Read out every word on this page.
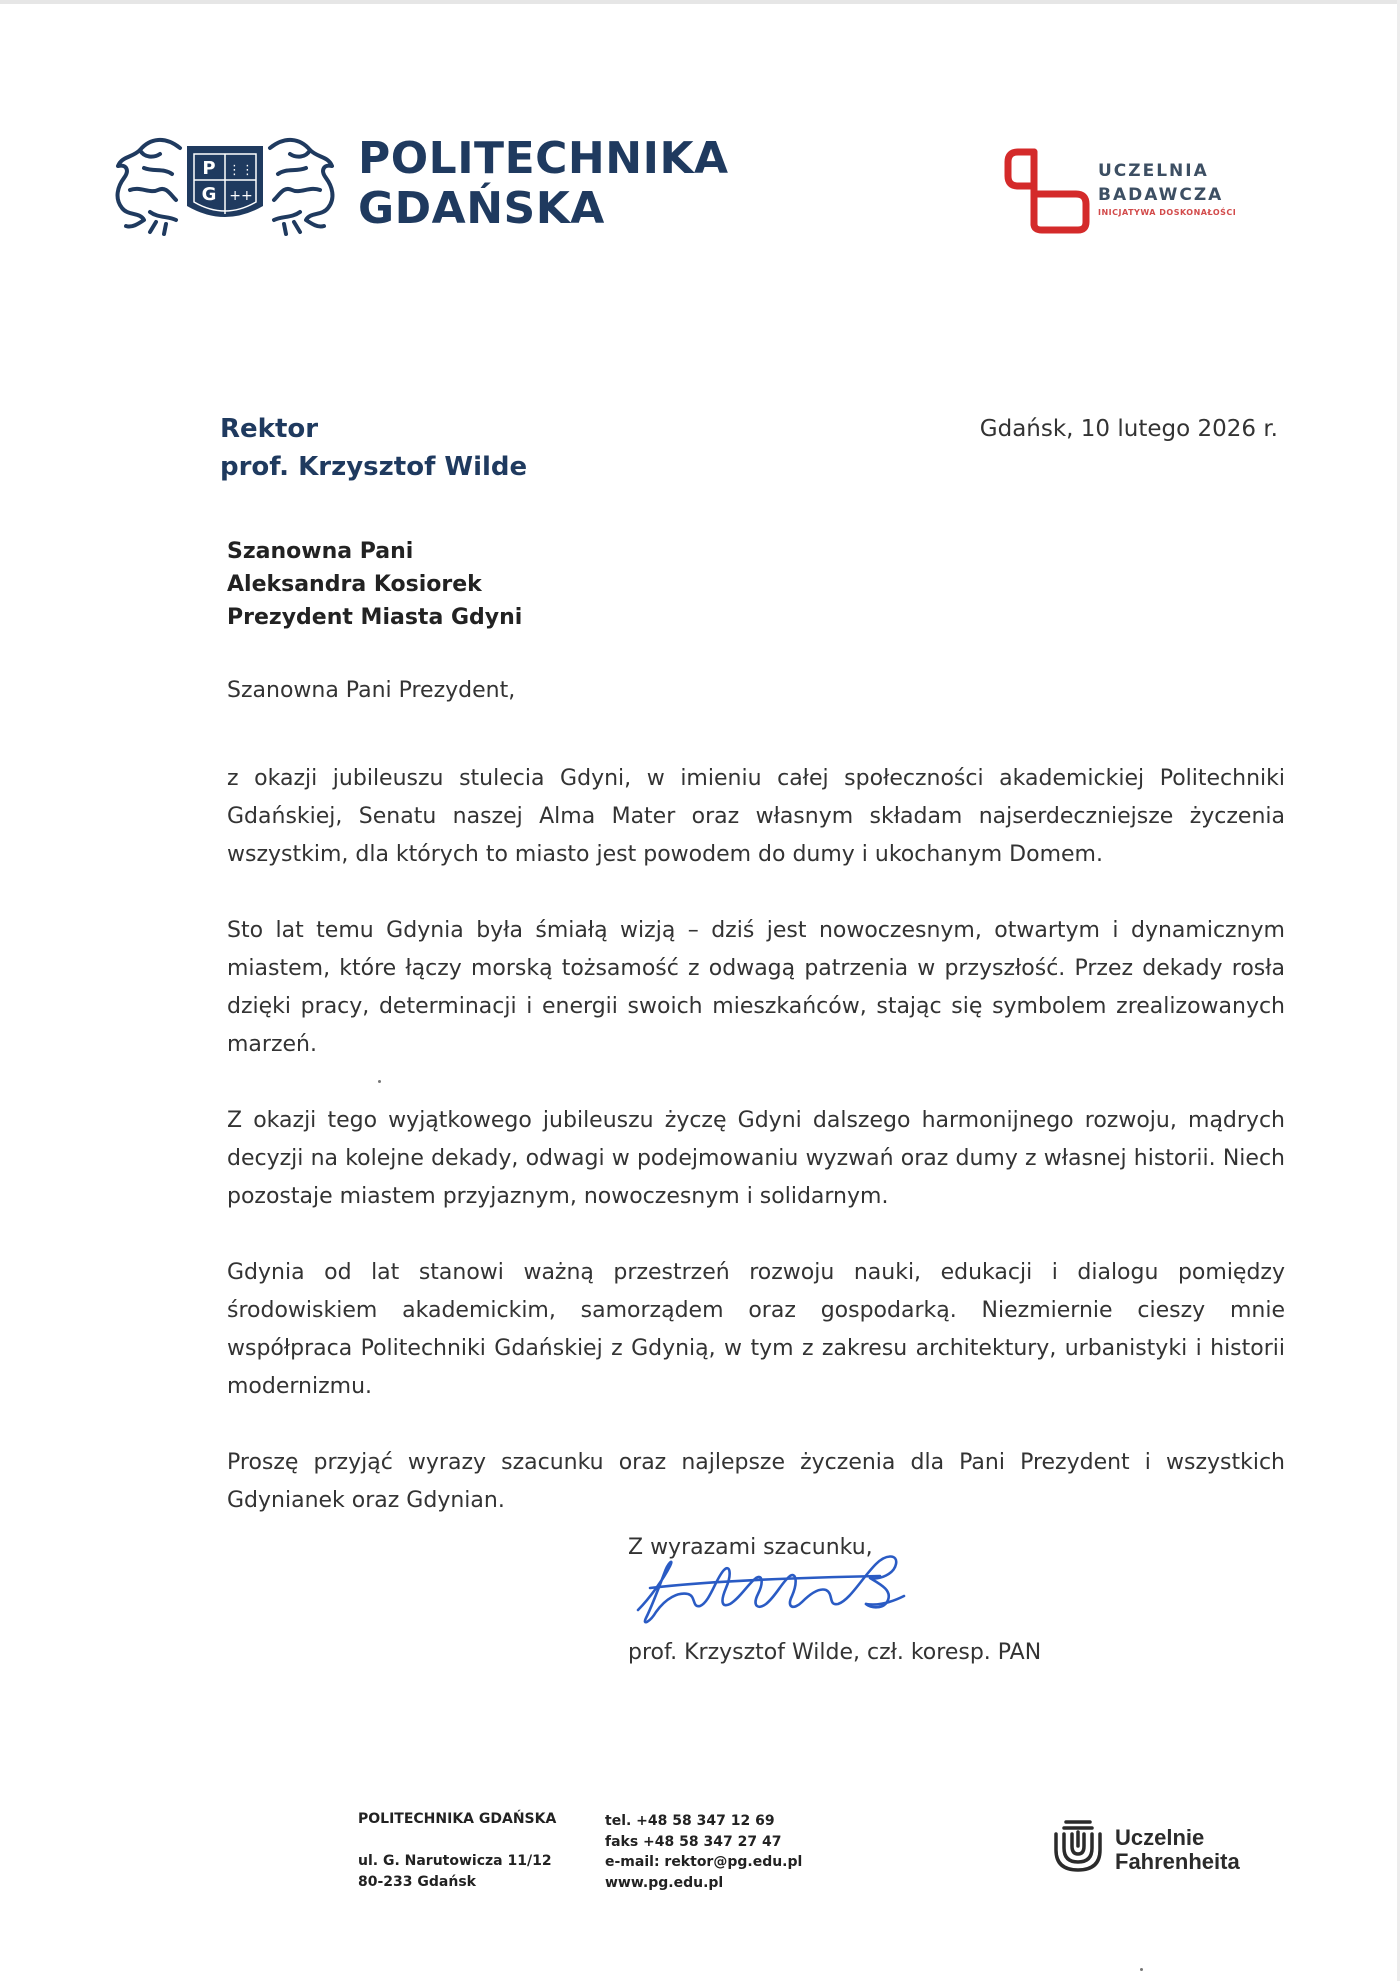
P
G
⋮⋮
++
POLITECHNIKA
GDAŃSKA
UCZELNIA
BADAWCZA
INICJATYWA DOSKONAŁOŚCI
Rektor
prof. Krzysztof Wilde
Gdańsk, 10 lutego 2026 r.
Szanowna Pani
Aleksandra Kosiorek
Prezydent Miasta Gdyni
Szanowna Pani Prezydent,

z okazji jubileuszu stulecia Gdyni, w imieniu całej społeczności akademickiej Politechniki Gdańskiej, Senatu naszej Alma Mater oraz własnym składam najserdeczniejsze życzenia wszystkim, dla których to miasto jest powodem do dumy i ukochanym Domem.

Sto lat temu Gdynia była śmiałą wizją – dziś jest nowoczesnym, otwartym i dynamicznym miastem, które łączy morską tożsamość z odwagą patrzenia w przyszłość. Przez dekady rosła dzięki pracy, determinacji i energii swoich mieszkańców, stając się symbolem zrealizowanych marzeń.

Z okazji tego wyjątkowego jubileuszu życzę Gdyni dalszego harmonijnego rozwoju, mądrych decyzji na kolejne dekady, odwagi w podejmowaniu wyzwań oraz dumy z własnej historii. Niech pozostaje miastem przyjaznym, nowoczesnym i solidarnym.

Gdynia od lat stanowi ważną przestrzeń rozwoju nauki, edukacji i dialogu pomiędzy środowiskiem akademickim, samorządem oraz gospodarką. Niezmiernie cieszy mnie współpraca Politechniki Gdańskiej z Gdynią, w tym z zakresu architektury, urbanistyki i historii modernizmu.

Proszę przyjąć wyrazy szacunku oraz najlepsze życzenia dla Pani Prezydent i wszystkich Gdynianek oraz Gdynian.

Z wyrazami szacunku,
prof. Krzysztof Wilde, czł. koresp. PAN
POLITECHNIKA GDAŃSKA
ul. G. Narutowicza 11/12
80-233 Gdańsk
tel. +48 58 347 12 69
faks +48 58 347 27 47
e-mail: rektor@pg.edu.pl
www.pg.edu.pl
Uczelnie
Fahrenheita
